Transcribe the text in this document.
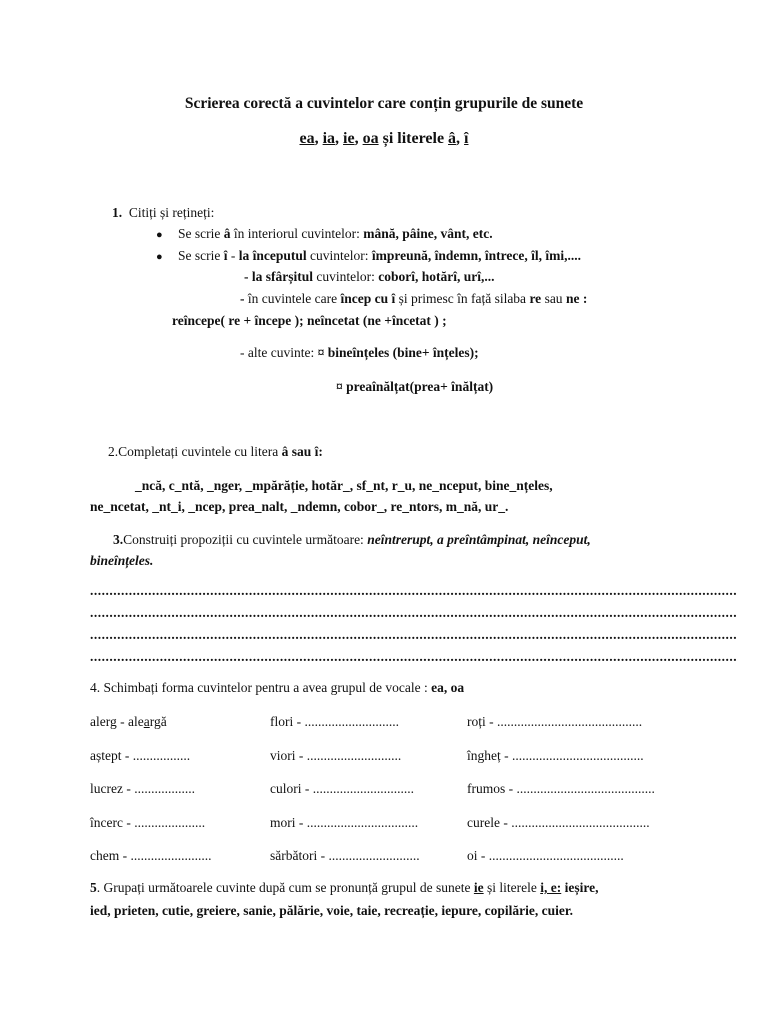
Scrierea corectă a cuvintelor care conțin grupurile de sunete
ea, ia, ie, oa și literele â, î
1. Citiți și rețineți:
● Se scrie â în interiorul cuvintelor: mână, pâine, vânt, etc.
● Se scrie î - la începutul cuvintelor: împreună, îndemn, întrece, îl, îmi,....
- la sfârșitul cuvintelor: coborî, hotărî, urî,...
- în cuvintele care încep cu î și primesc în față silaba re sau ne :
reîncepe( re + începe ); neîncetat (ne +încetat ) ;
- alte cuvinte: ¤ bineînțeles (bine+ înțeles);
¤ preaînălțat(prea+ înălțat)
2.Completați cuvintele cu litera â sau î:
_ncă, c_ntă, _nger, _mpărăție, hotăr_, sf_nt, r_u, ne_nceput, bine_nțeles,
ne_ncetat, _nt_i, _ncep, prea_nalt, _ndemn, cobor_, re_ntors, m_nă, ur_.
3.Construiți propoziții cu cuvintele următoare: neîntrerupt, a preîntâmpinat, neînceput,
bineînțeles.
.......................................................................................................................................................................
.......................................................................................................................................................................
.......................................................................................................................................................................
.......................................................................................................................................................................
4. Schimbați forma cuvintelor pentru a avea grupul de vocale : ea, oa
alerg - aleargă	flori - ............................	roți - ...........................................
aștept - .................	viori - ............................	îngheț - .......................................
lucrez - ..................	culori - ..............................	frumos - .........................................
încerc - .....................	mori - .................................	curele - .........................................
chem - ........................	sărbători - ...........................	oi - ........................................
5. Grupați următoarele cuvinte după cum se pronunță grupul de sunete ie și literele i, e: ieșire,
ied, prieten, cutie, greiere, sanie, pălărie, voie, taie, recreație, iepure, copilărie, cuier.
